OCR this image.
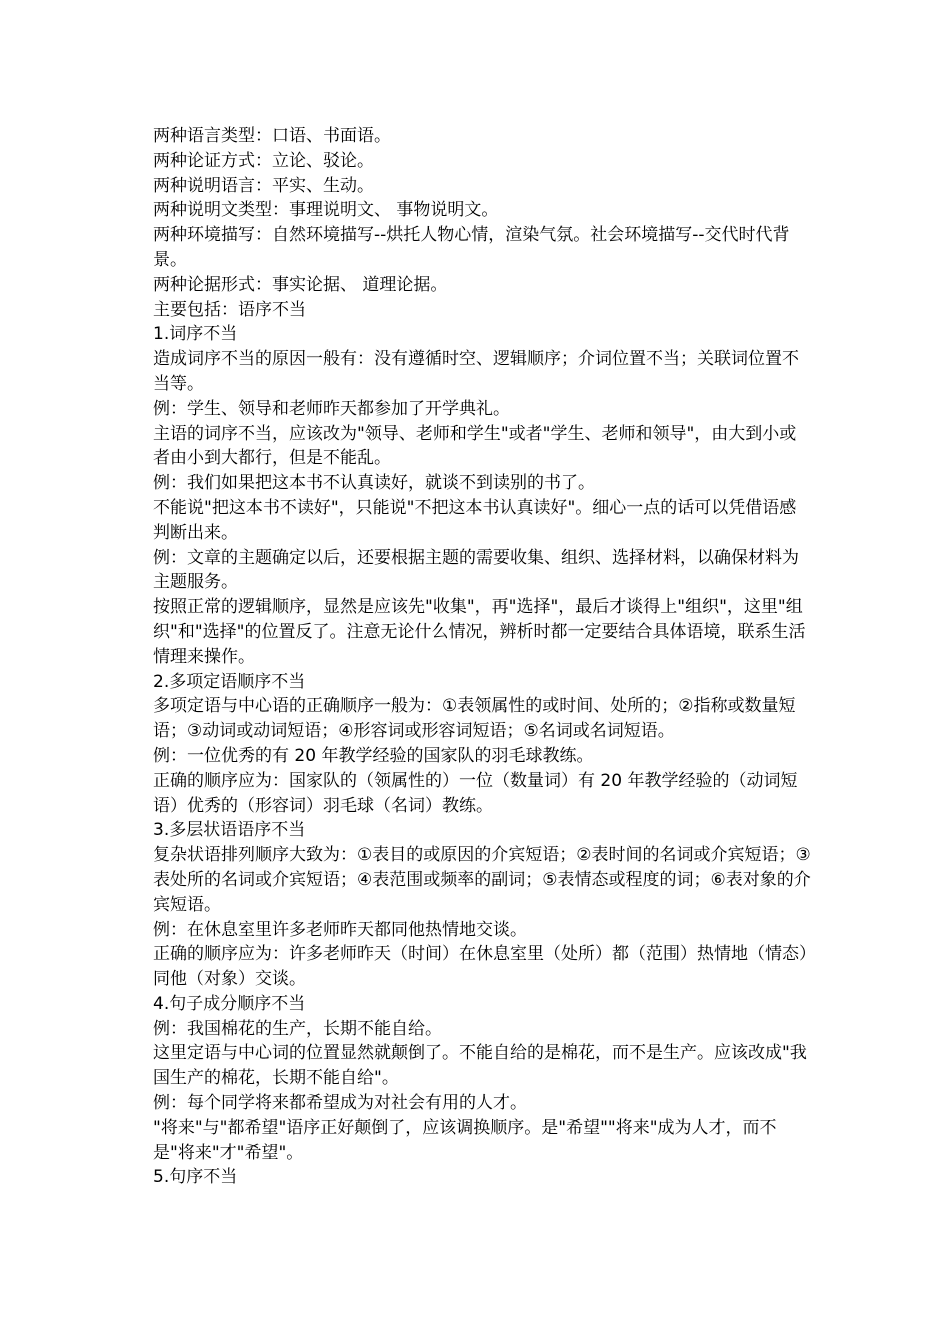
两种语言类型：口语、书面语。

两种论证方式：立论、驳论。

两种说明语言：平实、生动。

两种说明文类型：事理说明文、 事物说明文。

两种环境描写：自然环境描写--烘托人物心情，渲染气氛。社会环境描写--交代时代背景。

两种论据形式：事实论据、 道理论据。

主要包括：语序不当

1.词序不当

造成词序不当的原因一般有：没有遵循时空、逻辑顺序；介词位置不当；关联词位置不当等。

例：学生、领导和老师昨天都参加了开学典礼。

主语的词序不当，应该改为"领导、老师和学生"或者"学生、老师和领导"，由大到小或者由小到大都行，但是不能乱。

例：我们如果把这本书不认真读好，就谈不到读别的书了。

不能说"把这本书不读好"，只能说"不把这本书认真读好"。细心一点的话可以凭借语感判断出来。

例：文章的主题确定以后，还要根据主题的需要收集、组织、选择材料，以确保材料为主题服务。

按照正常的逻辑顺序，显然是应该先"收集"，再"选择"，最后才谈得上"组织"，这里"组织"和"选择"的位置反了。注意无论什么情况，辨析时都一定要结合具体语境，联系生活情理来操作。

2.多项定语顺序不当

多项定语与中心语的正确顺序一般为：①表领属性的或时间、处所的；②指称或数量短语；③动词或动词短语；④形容词或形容词短语；⑤名词或名词短语。

例：一位优秀的有 20 年教学经验的国家队的羽毛球教练。

正确的顺序应为：国家队的（领属性的）一位（数量词）有 20 年教学经验的（动词短语）优秀的（形容词）羽毛球（名词）教练。

3.多层状语语序不当

复杂状语排列顺序大致为：①表目的或原因的介宾短语；②表时间的名词或介宾短语；③表处所的名词或介宾短语；④表范围或频率的副词；⑤表情态或程度的词；⑥表对象的介宾短语。

例：在休息室里许多老师昨天都同他热情地交谈。

正确的顺序应为：许多老师昨天（时间）在休息室里（处所）都（范围）热情地（情态）同他（对象）交谈。

4.句子成分顺序不当

例：我国棉花的生产，长期不能自给。

这里定语与中心词的位置显然就颠倒了。不能自给的是棉花，而不是生产。应该改成"我国生产的棉花，长期不能自给"。

例：每个同学将来都希望成为对社会有用的人才。

"将来"与"都希望"语序正好颠倒了，应该调换顺序。是"希望""将来"成为人才，而不是"将来"才"希望"。

5.句序不当
